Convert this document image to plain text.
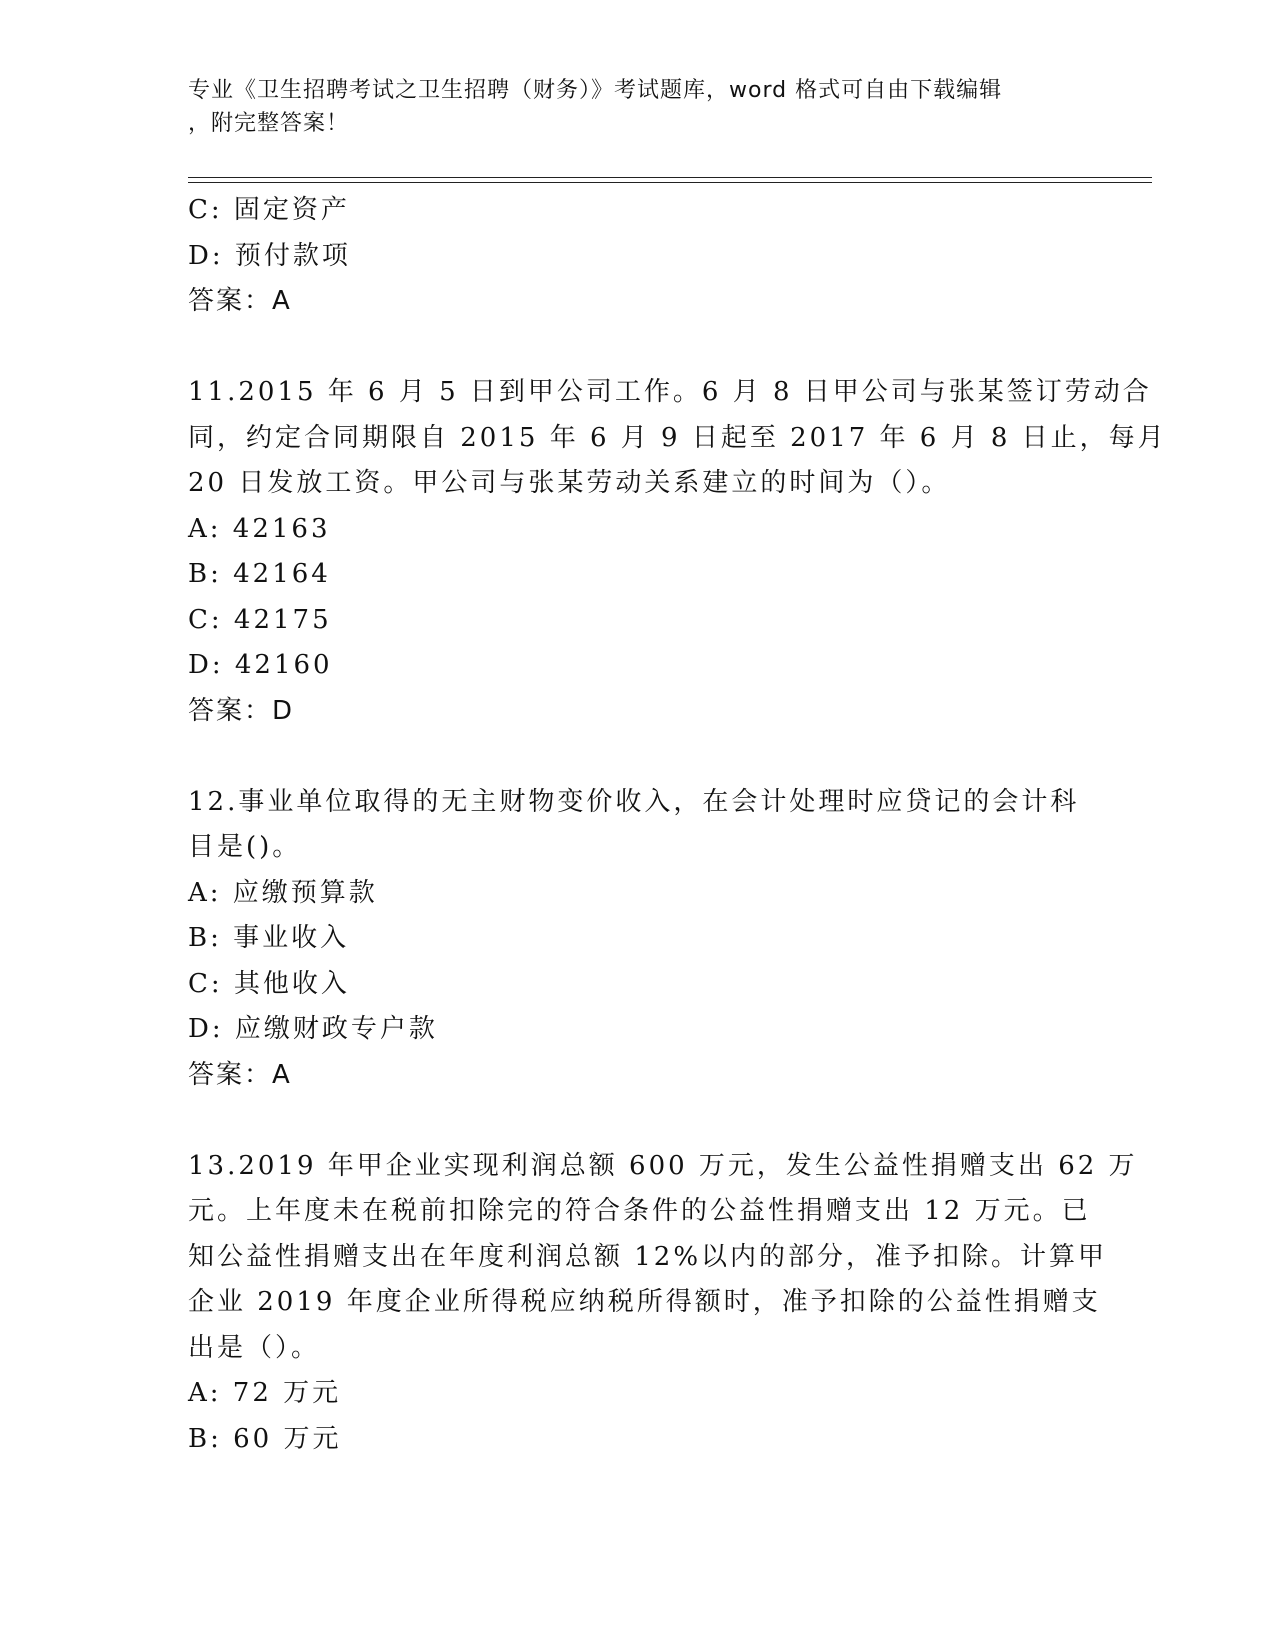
专业《卫生招聘考试之卫生招聘（财务）》考试题库，word 格式可自由下载编辑
，附完整答案！
C: 固定资产
D: 预付款项
答案：A
11.2015 年 6 月 5 日到甲公司工作。6 月 8 日甲公司与张某签订劳动合
同，约定合同期限自 2015 年 6 月 9 日起至 2017 年 6 月 8 日止，每月
20 日发放工资。甲公司与张某劳动关系建立的时间为（）。
A: 42163
B: 42164
C: 42175
D: 42160
答案：D
12.事业单位取得的无主财物变价收入，在会计处理时应贷记的会计科
目是()。
A: 应缴预算款
B: 事业收入
C: 其他收入
D: 应缴财政专户款
答案：A
13.2019 年甲企业实现利润总额 600 万元，发生公益性捐赠支出 62 万
元。上年度未在税前扣除完的符合条件的公益性捐赠支出 12 万元。已
知公益性捐赠支出在年度利润总额 12%以内的部分，准予扣除。计算甲
企业 2019 年度企业所得税应纳税所得额时，准予扣除的公益性捐赠支
出是（）。
A: 72 万元
B: 60 万元
